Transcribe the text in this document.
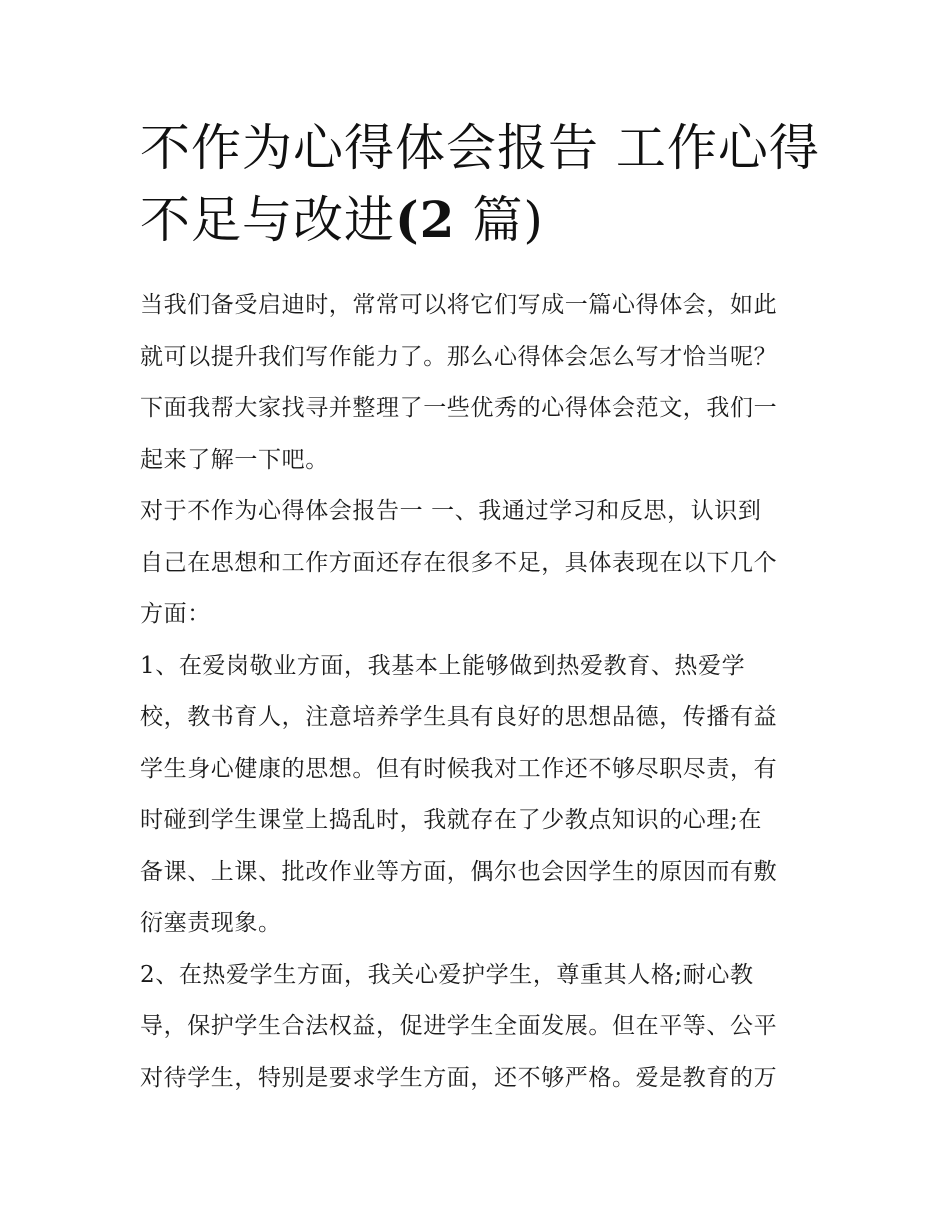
不作为心得体会报告 工作心得
不足与改进(2 篇)
当我们备受启迪时，常常可以将它们写成一篇心得体会，如此
就可以提升我们写作能力了。那么心得体会怎么写才恰当呢？
下面我帮大家找寻并整理了一些优秀的心得体会范文，我们一
起来了解一下吧。
对于不作为心得体会报告一 一、我通过学习和反思，认识到
自己在思想和工作方面还存在很多不足，具体表现在以下几个
方面：
1、在爱岗敬业方面，我基本上能够做到热爱教育、热爱学
校，教书育人，注意培养学生具有良好的思想品德，传播有益
学生身心健康的思想。但有时候我对工作还不够尽职尽责，有
时碰到学生课堂上捣乱时，我就存在了少教点知识的心理;在
备课、上课、批改作业等方面，偶尔也会因学生的原因而有敷
衍塞责现象。
2、在热爱学生方面，我关心爱护学生，尊重其人格;耐心教
导，保护学生合法权益，促进学生全面发展。但在平等、公平
对待学生，特别是要求学生方面，还不够严格。爱是教育的万
